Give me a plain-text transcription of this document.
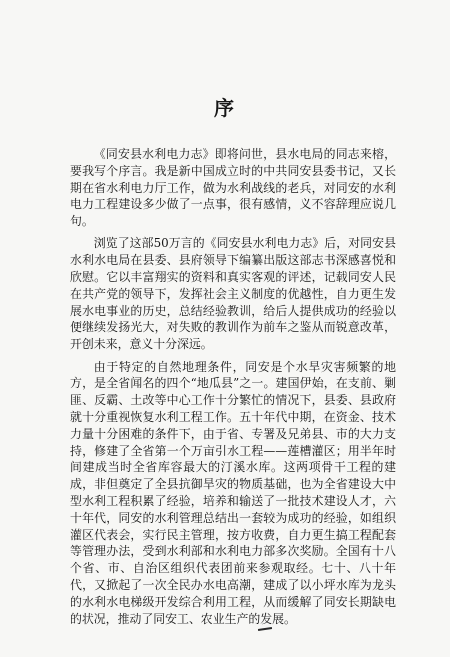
序

《同安县水利电力志》即将问世，县水电局的同志来榕，要我写个序言。我是新中国成立时的中共同安县委书记，又长期在省水利电力厅工作，做为水利战线的老兵，对同安的水利电力工程建设多少做了一点事，很有感情，义不容辞理应说几句。

浏览了这部50万言的《同安县水利电力志》后，对同安县水利水电局在县委、县府领导下编纂出版这部志书深感喜悦和欣慰。它以丰富翔实的资料和真实客观的评述，记载同安人民在共产党的领导下，发挥社会主义制度的优越性，自力更生发展水电事业的历史，总结经验教训，给后人提供成功的经验以便继续发扬光大，对失败的教训作为前车之鉴从而锐意改革，开创未来，意义十分深远。

由于特定的自然地理条件，同安是个水旱灾害频繁的地方，是全省闻名的四个“地瓜县”之一。建国伊始，在支前、剿匪、反霸、土改等中心工作十分繁忙的情况下，县委、县政府就十分重视恢复水利工程工作。五十年代中期，在资金、技术力量十分困难的条件下，由于省、专署及兄弟县、市的大力支持，修建了全省第一个万亩引水工程——莲槽灌区；用半年时间建成当时全省库容最大的汀溪水库。这两项骨干工程的建成，非但奠定了全县抗御旱灾的物质基础，也为全省建设大中型水利工程积累了经验，培养和输送了一批技术建设人才，六十年代，同安的水利管理总结出一套较为成功的经验，如组织灌区代表会，实行民主管理，按方收费，自力更生搞工程配套等管理办法，受到水利部和水利电力部多次奖励。全国有十八个省、市、自治区组织代表团前来参观取经。七十、八十年代，又掀起了一次全民办水电高潮，建成了以小坪水库为龙头的水利水电梯级开发综合利用工程，从而缓解了同安长期缺电的状况，推动了同安工、农业生产的发展。
